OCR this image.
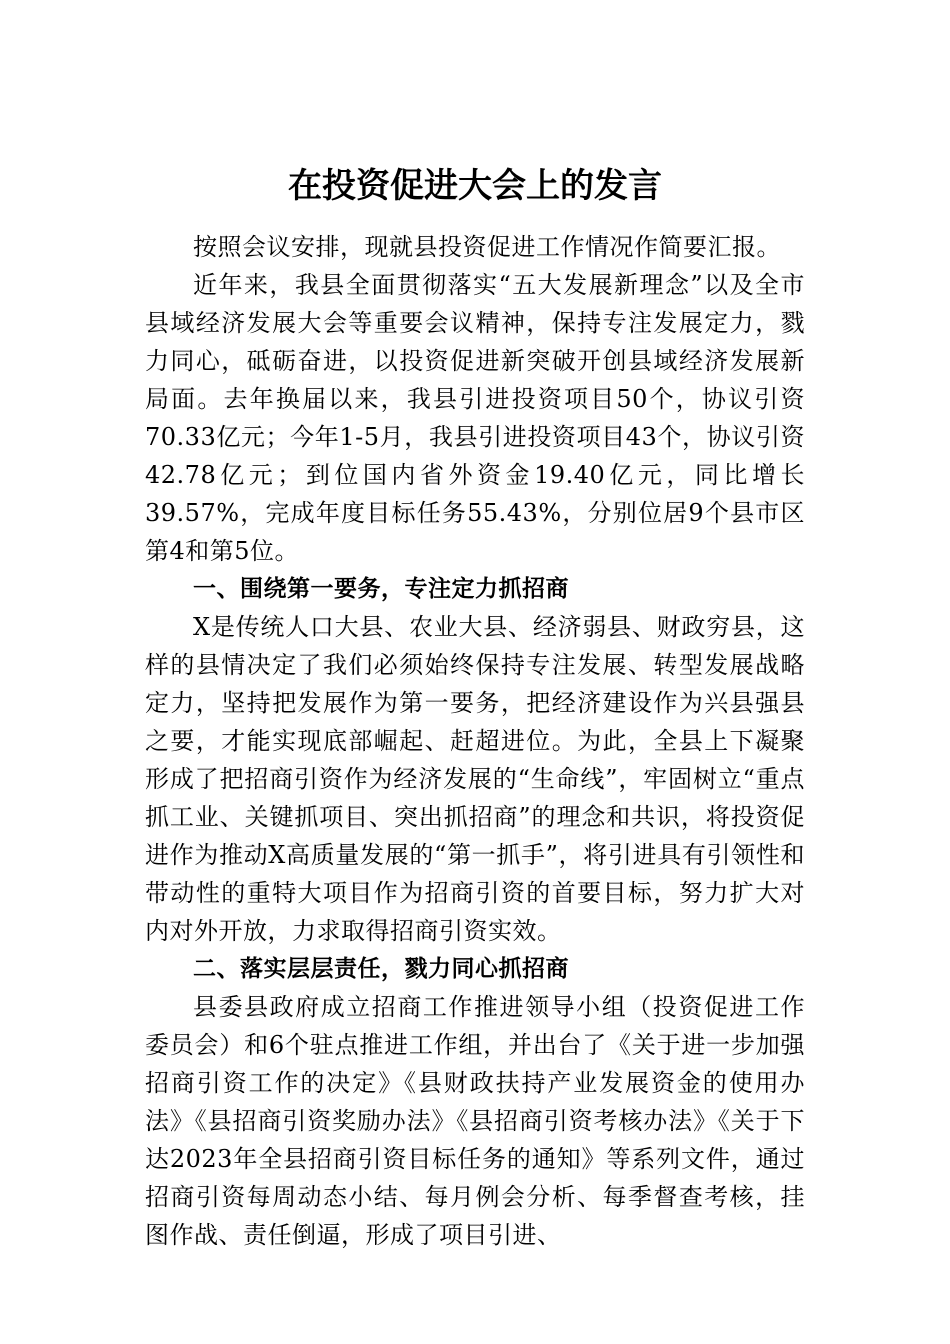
在投资促进大会上的发言

按照会议安排，现就县投资促进工作情况作简要汇报。

近年来，我县全面贯彻落实“五大发展新理念”以及全市县域经济发展大会等重要会议精神，保持专注发展定力，戮力同心，砥砺奋进，以投资促进新突破开创县域经济发展新局面。去年换届以来，我县引进投资项目50个，协议引资70.33亿元；今年1-5月，我县引进投资项目43个，协议引资42.78亿元；到位国内省外资金19.40亿元，同比增长39.57%，完成年度目标任务55.43%，分别位居9个县市区第4和第5位。

一、围绕第一要务，专注定力抓招商

X是传统人口大县、农业大县、经济弱县、财政穷县，这样的县情决定了我们必须始终保持专注发展、转型发展战略定力，坚持把发展作为第一要务，把经济建设作为兴县强县之要，才能实现底部崛起、赶超进位。为此，全县上下凝聚形成了把招商引资作为经济发展的“生命线”，牢固树立“重点抓工业、关键抓项目、突出抓招商”的理念和共识，将投资促进作为推动X高质量发展的“第一抓手”，将引进具有引领性和带动性的重特大项目作为招商引资的首要目标，努力扩大对内对外开放，力求取得招商引资实效。

二、落实层层责任，戮力同心抓招商

县委县政府成立招商工作推进领导小组（投资促进工作委员会）和6个驻点推进工作组，并出台了《关于进一步加强招商引资工作的决定》《县财政扶持产业发展资金的使用办法》《县招商引资奖励办法》《县招商引资考核办法》《关于下达2023年全县招商引资目标任务的通知》等系列文件，通过招商引资每周动态小结、每月例会分析、每季督查考核，挂图作战、责任倒逼，形成了项目引进、
